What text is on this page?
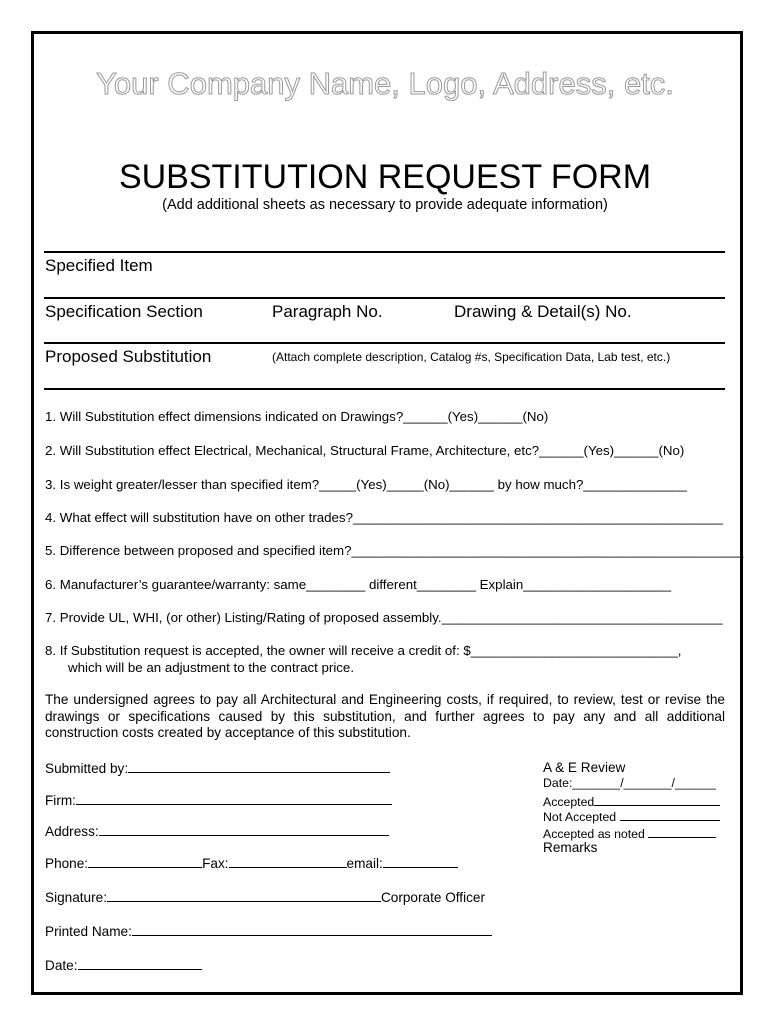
Your Company Name, Logo, Address, etc.
SUBSTITUTION REQUEST FORM
(Add additional sheets as necessary to provide adequate information)
Specified Item
Specification Section	Paragraph No.	Drawing & Detail(s) No.
Proposed Substitution	(Attach complete description, Catalog #s, Specification Data, Lab test, etc.)
1. Will Substitution effect dimensions indicated on Drawings?______(Yes)______(No)
2. Will Substitution effect Electrical, Mechanical, Structural Frame, Architecture, etc?______(Yes)______(No)
3. Is weight greater/lesser than specified item?_____(Yes)_____(No)______ by how much?______________
4. What effect will substitution have on other trades?__________________________________________________
5. Difference between proposed and specified item?_____________________________________________________
6. Manufacturer’s guarantee/warranty: same________ different________ Explain____________________
7. Provide UL, WHI, (or other) Listing/Rating of proposed assembly.______________________________________
8. If Substitution request is accepted, the owner will receive a credit of: $____________________________,
which will be an adjustment to the contract price.
The undersigned agrees to pay all Architectural and Engineering costs, if required, to review, test or revise the drawings or specifications caused by this substitution, and further agrees to pay any and all additional construction costs created by acceptance of this substitution.
Submitted by:
Firm:
Address:
Phone:	Fax:	email:
Signature:	Corporate Officer
Printed Name:
Date:
A & E Review
Date:_______/_______/______
Accepted
Not Accepted
Accepted as noted
Remarks
